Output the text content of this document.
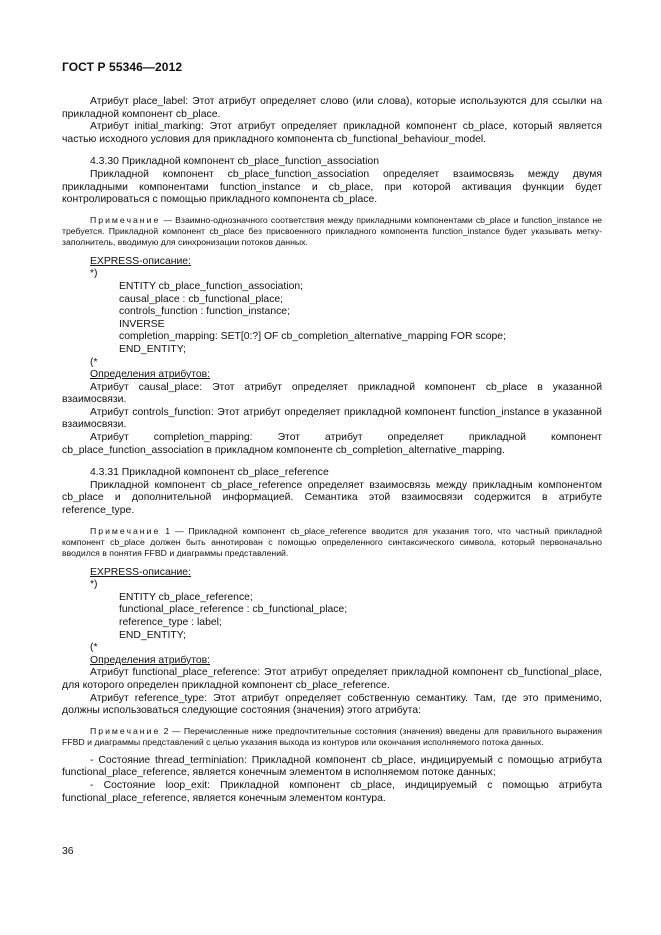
ГОСТ Р 55346—2012

Атрибут place_label: Этот атрибут определяет слово (или слова), которые используются для ссылки на прикладной компонент cb_place.

Атрибут initial_marking: Этот атрибут определяет прикладной компонент cb_place, который является частью исходного условия для прикладного компонента cb_functional_behaviour_model.

4.3.30 Прикладной компонент cb_place_function_association

Прикладной компонент cb_place_function_association определяет взаимосвязь между двумя прикладными компонентами function_instance и cb_place, при которой активация функции будет контролироваться с помощью прикладного компонента cb_place.

Примечание — Взаимно-однозначного соответствия между прикладными компонентами cb_place и function_instance не требуется. Прикладной компонент cb_place без присвоенного прикладного компонента function_instance будет указывать метку-заполнитель, вводимую для синхронизации потоков данных.

EXPRESS-описание:
*)
ENTITY cb_place_function_association;
causal_place : cb_functional_place;
controls_function : function_instance;
INVERSE
completion_mapping: SET[0:?] OF cb_completion_alternative_mapping FOR scope;
END_ENTITY;
(*
Определения атрибутов:

Атрибут causal_place: Этот атрибут определяет прикладной компонент cb_place в указанной взаимосвязи.

Атрибут controls_function: Этот атрибут определяет прикладной компонент function_instance в указанной взаимосвязи.

Атрибут completion_mapping: Этот атрибут определяет прикладной компонент cb_place_function_association в прикладном компоненте cb_completion_alternative_mapping.

4.3.31 Прикладной компонент cb_place_reference

Прикладной компонент cb_place_reference определяет взаимосвязь между прикладным компонентом cb_place и дополнительной информацией. Семантика этой взаимосвязи содержится в атрибуте reference_type.

Примечание 1 — Прикладной компонент cb_place_reference вводится для указания того, что частный прикладной компонент cb_place должен быть аннотирован с помощью определенного синтаксического символа, который первоначально вводился в понятия FFBD и диаграммы представлений.

EXPRESS-описание:
*)
ENTITY cb_place_reference;
functional_place_reference : cb_functional_place;
reference_type : label;
END_ENTITY;
(*
Определения атрибутов:

Атрибут functional_place_reference: Этот атрибут определяет прикладной компонент cb_functional_place, для которого определен прикладной компонент cb_place_reference.

Атрибут reference_type: Этот атрибут определяет собственную семантику. Там, где это применимо, должны использоваться следующие состояния (значения) этого атрибута:

Примечание 2 — Перечисленные ниже предпочтительные состояния (значения) введены для правильного выражения FFBD и диаграммы представлений с целью указания выхода из контуров или окончания исполняемого потока данных.

- Состояние thread_terminiation: Прикладной компонент cb_place, индицируемый с помощью атрибута functional_place_reference, является конечным элементом в исполняемом потоке данных;

- Состояние loop_exit: Прикладной компонент cb_place, индицируемый с помощью атрибута functional_place_reference, является конечным элементом контура.

36
